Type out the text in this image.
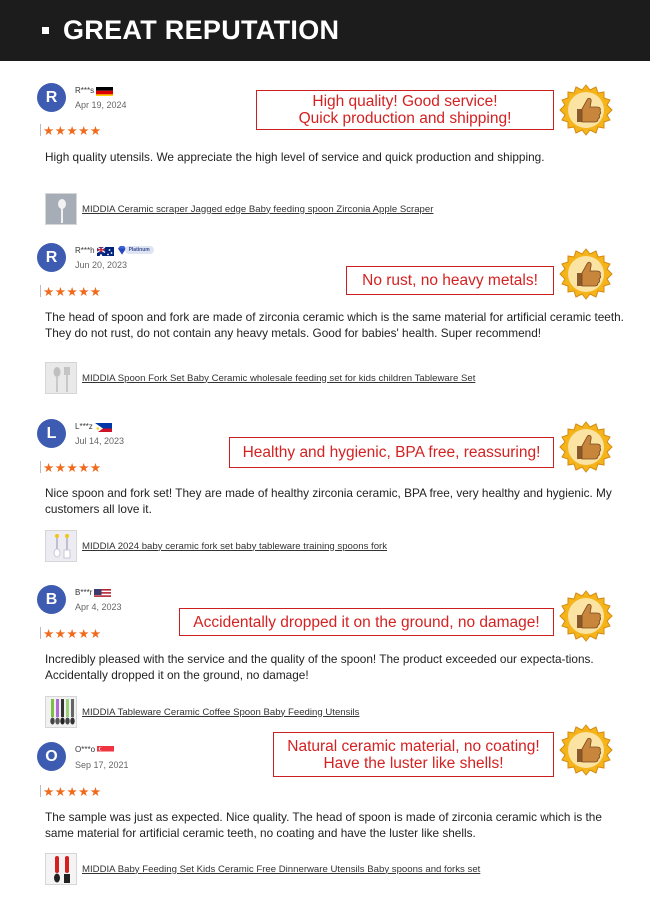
GREAT REPUTATION
R	R***s
Apr 19, 2024	High quality! Good service!
Quick production and shipping!
★ ★ ★ ★ ★
High quality utensils. We appreciate the high level of service and quick production and shipping.
MIDDIA Ceramic scraper Jagged edge Baby feeding spoon Zirconia Apple Scraper
R	R***h	Platinum
Jun 20, 2023
No rust, no heavy metals!
★ ★ ★ ★ ★
The head of spoon and fork are made of zirconia ceramic which is the same material for artificial ceramic teeth. They do not rust, do not contain any heavy metals. Good for babies' health. Super recommend!
MIDDIA Spoon Fork Set Baby Ceramic wholesale feeding set for kids children Tableware Set
L	L***z
Jul 14, 2023
Healthy and hygienic, BPA free, reassuring!
★ ★ ★ ★ ★
Nice spoon and fork set! They are made of healthy zirconia ceramic, BPA free, very healthy and hygienic. My customers all love it.
MIDDIA 2024 baby ceramic fork set baby tableware training spoons fork
B	B***r
Apr 4, 2023
Accidentally dropped it on the ground, no damage!
★ ★ ★ ★ ★
Incredibly pleased with the service and the quality of the spoon! The product exceeded our expecta-tions. Accidentally dropped it on the ground, no damage!
MIDDIA Tableware Ceramic Coffee Spoon Baby Feeding Utensils
O	O***o
Sep 17, 2021
Natural ceramic material, no coating!
Have the luster like shells!
★ ★ ★ ★ ★
The sample was just as expected. Nice quality. The head of spoon is made of zirconia ceramic which is the same material for artificial ceramic teeth, no coating and have the luster like shells.
MIDDIA Baby Feeding Set Kids Ceramic Free Dinnerware Utensils Baby spoons and forks set
